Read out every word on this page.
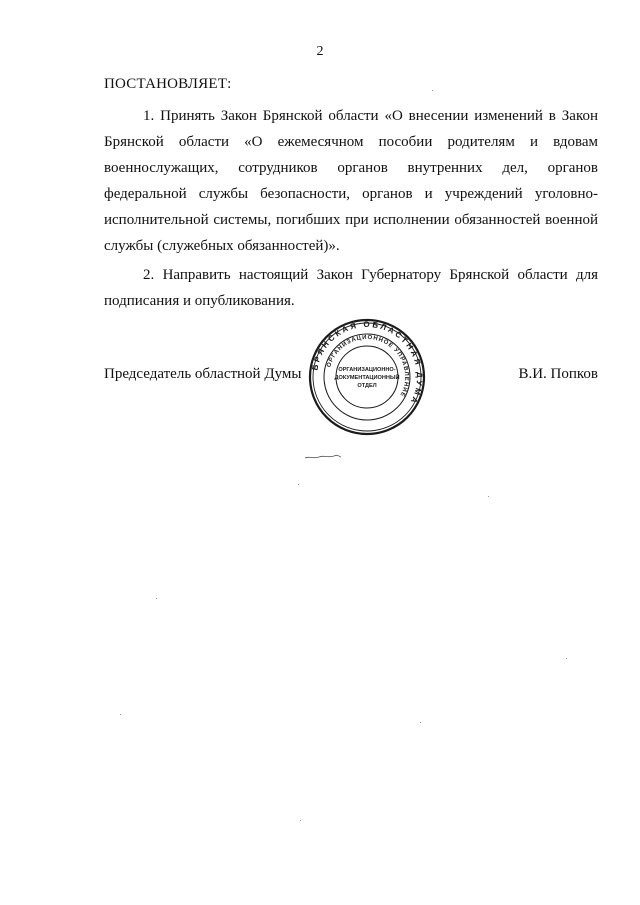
2
ПОСТАНОВЛЯЕТ:

1. Принять Закон Брянской области «О внесении изменений в Закон Брянской области «О ежемесячном пособии родителям и вдовам военнослужащих, сотрудников органов внутренних дел, органов федеральной службы безопасности, органов и учреждений уголовно-исполнительной системы, погибших при исполнении обязанностей военной службы (служебных обязанностей)».

2. Направить настоящий Закон Губернатору Брянской области для подписания и опубликования.

Председатель областной Думы	В.И. Попков
БРЯНСКАЯ ОБЛАСТНАЯ ДУМА
ОРГАНИЗАЦИОННОЕ УПРАВЛЕНИЕ
ОРГАНИЗАЦИОННО-
ДОКУМЕНТАЦИОННЫЙ
ОТДЕЛ
